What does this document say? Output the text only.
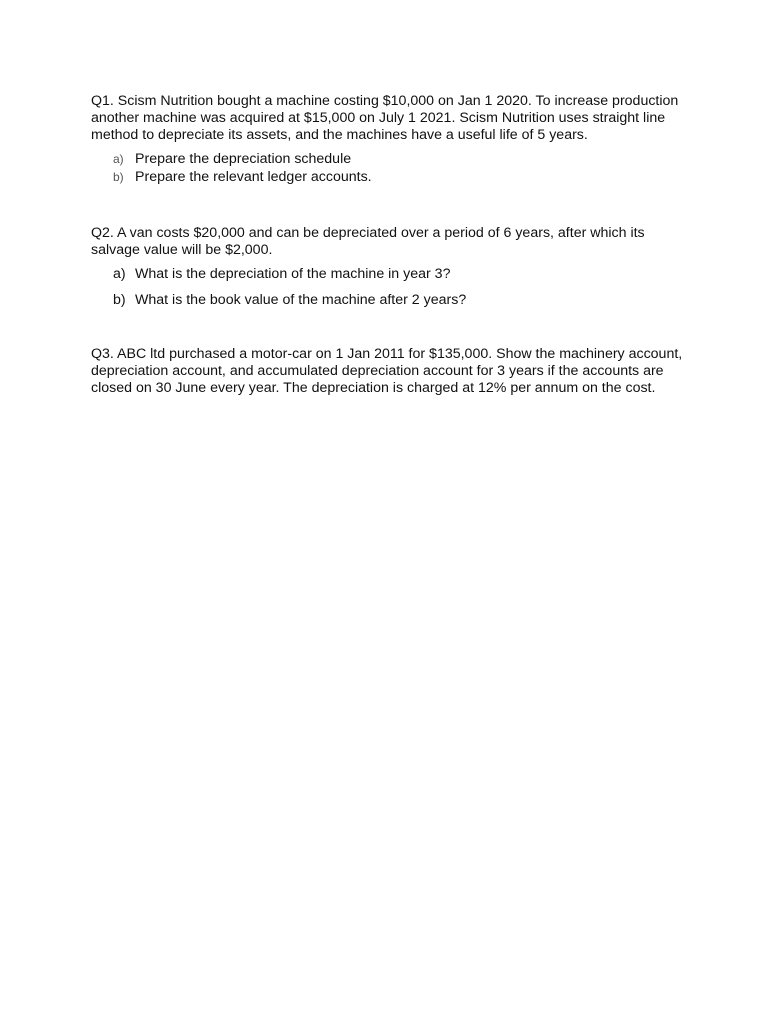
Q1. Scism Nutrition bought a machine costing $10,000 on Jan 1 2020. To increase production another machine was acquired at $15,000 on July 1 2021. Scism Nutrition uses straight line method to depreciate its assets, and the machines have a useful life of 5 years.

a) Prepare the depreciation schedule
b) Prepare the relevant ledger accounts.

Q2. A van costs $20,000 and can be depreciated over a period of 6 years, after which its salvage value will be $2,000.

a) What is the depreciation of the machine in year 3?
b) What is the book value of the machine after 2 years?

Q3. ABC ltd purchased a motor-car on 1 Jan 2011 for $135,000. Show the machinery account, depreciation account, and accumulated depreciation account for 3 years if the accounts are closed on 30 June every year. The depreciation is charged at 12% per annum on the cost.
